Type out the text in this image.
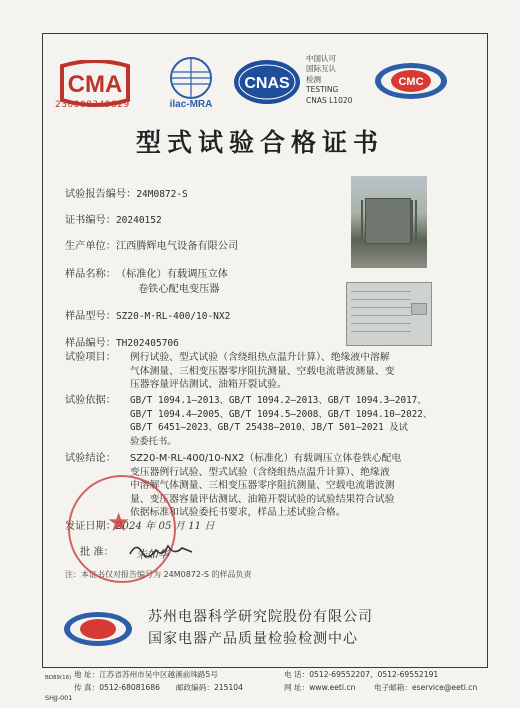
CMA
230008349829	ilac-MRA
CNAS
中国认可
国际互认
检测
TESTING
CNAS L1020
CMC
型式试验合格证书
试验报告编号：24M0872-S
证书编号：20240152
生产单位：江西腾辉电气设备有限公司
样品名称：（标准化）有载调压立体
卷铁心配电变压器
样品型号：SZ20-M·RL-400/10-NX2
样品编号：TH202405706
试验项目： 例行试验、型式试验（含绕组热点温升计算）、绝缘液中溶解
气体测量、三相变压器零序阻抗测量、空载电流谐波测量、变
压器容量评估测试、油箱开裂试验。
试验依据： GB/T 1094.1—2013、GB/T 1094.2—2013、GB/T 1094.3—2017、
GB/T 1094.4—2005、GB/T 1094.5—2008、GB/T 1094.10—2022、
GB/T 6451—2023、GB/T 25438—2010、JB/T 501—2021 及试
验委托书。
试验结论： SZ20-M·RL-400/10-NX2（标准化）有载调压立体卷铁心配电
变压器例行试验、型式试验（含绕组热点温升计算）、绝缘液
中溶解气体测量、三相变压器零序阻抗测量、空载电流谐波测
量、变压器容量评估测试、油箱开裂试验的试验结果符合试验
依据标准和试验委托书要求，样品上述试验合格。
发证日期：2024 年 05 月 11 日
批 准：
注：本证书仅对报告编号为 24M0872-S 的样品负责
★
朱如华
苏州电器科学研究院股份有限公司
国家电器产品质量检验检测中心
地 址：江苏省苏州市吴中区越溪前珠路5号	电 话：0512-69552207、0512-69552191
传 真：0512-68081686 邮政编码：215104	网 址：www.eeti.cn 电子邮箱：eservice@eeti.cn
BD89(16)
SHJJ-001
